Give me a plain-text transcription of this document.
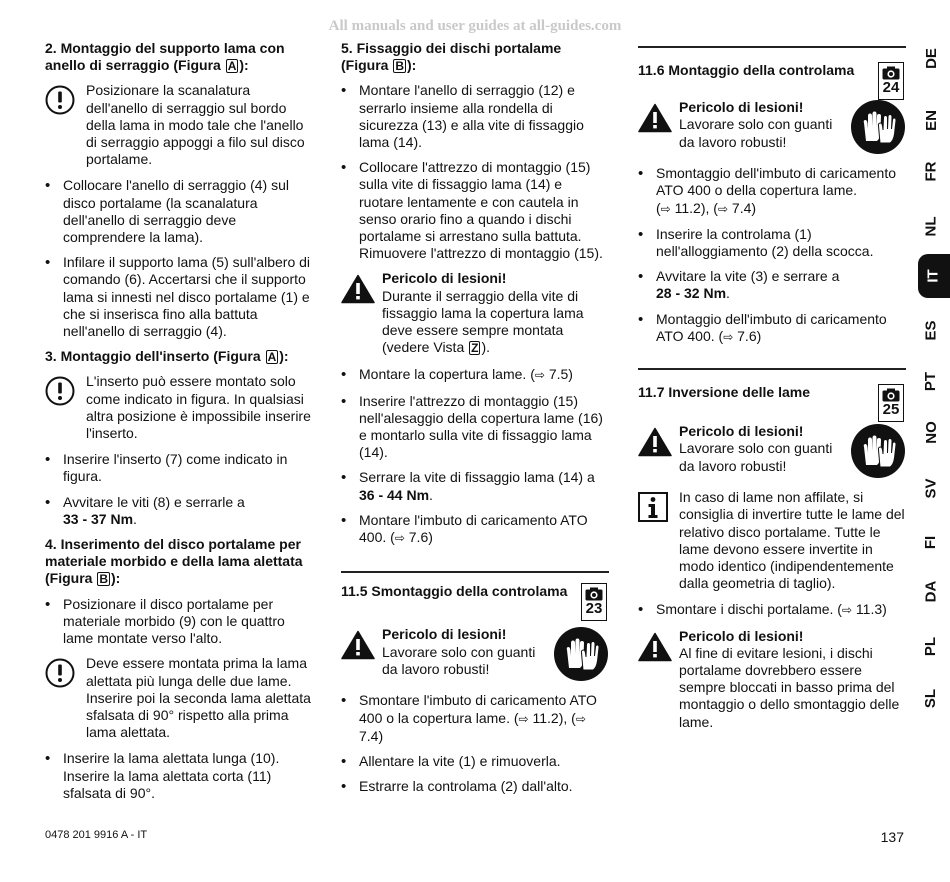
All manuals and user guides at all-guides.com

2. Montaggio del supporto lama con anello di serraggio (Figura A ):

Posizionare la scanalatura dell'anello di serraggio sul bordo della lama in modo tale che l'anello di serraggio appoggi a filo sul disco portalame.

• Collocare l'anello di serraggio (4) sul disco portalame (la scanalatura dell'anello di serraggio deve comprendere la lama).

• Infilare il supporto lama (5) sull'albero di comando (6). Accertarsi che il supporto lama si innesti nel disco portalame (1) e che si inserisca fino alla battuta nell'anello di serraggio (4).

3. Montaggio dell'inserto (Figura A ):

L'inserto può essere montato solo come indicato in figura. In qualsiasi altra posizione è impossibile inserire l'inserto.

• Inserire l'inserto (7) come indicato in figura.

• Avvitare le viti (8) e serrarle a
33 - 37 Nm.

4. Inserimento del disco portalame per materiale morbido e della lama alettata (Figura B ):

• Posizionare il disco portalame per materiale morbido (9) con le quattro lame montate verso l'alto.

Deve essere montata prima la lama alettata più lunga delle due lame. Inserire poi la seconda lama alettata sfalsata di 90° rispetto alla prima lama alettata.

• Inserire la lama alettata lunga (10). Inserire la lama alettata corta (11) sfalsata di 90°.

5. Fissaggio dei dischi portalame (Figura B ):

• Montare l'anello di serraggio (12) e serrarlo insieme alla rondella di sicurezza (13) e alla vite di fissaggio lama (14).

• Collocare l'attrezzo di montaggio (15) sulla vite di fissaggio lama (14) e ruotare lentamente e con cautela in senso orario fino a quando i dischi portalame si arrestano sulla battuta. Rimuovere l'attrezzo di montaggio (15).

Pericolo di lesioni!
Durante il serraggio della vite di fissaggio lama la copertura lama deve essere sempre montata (vedere Vista Z ).

• Montare la copertura lame. (⇨ 7.5)

• Inserire l'attrezzo di montaggio (15) nell'alesaggio della copertura lame (16) e montarlo sulla vite di fissaggio lama (14).

• Serrare la vite di fissaggio lama (14) a
36 - 44 Nm.

• Montare l'imbuto di caricamento ATO 400. (⇨ 7.6)

11.5 Smontaggio della controlama
23
Pericolo di lesioni!
Lavorare solo con guanti da lavoro robusti!

• Smontare l'imbuto di caricamento ATO 400 o la copertura lame. (⇨ 11.2), (⇨ 7.4)

• Allentare la vite (1) e rimuoverla.

• Estrarre la controlama (2) dall'alto.

11.6 Montaggio della controlama
24
Pericolo di lesioni!
Lavorare solo con guanti da lavoro robusti!

• Smontaggio dell'imbuto di caricamento ATO 400 o della copertura lame.
(⇨ 11.2), (⇨ 7.4)

• Inserire la controlama (1) nell'alloggiamento (2) della scocca.

• Avvitare la vite (3) e serrare a
28 - 32 Nm.

• Montaggio dell'imbuto di caricamento ATO 400. (⇨ 7.6)

11.7 Inversione delle lame
25
Pericolo di lesioni!
Lavorare solo con guanti da lavoro robusti!
In caso di lame non affilate, si consiglia di invertire tutte le lame del relativo disco portalame. Tutte le lame devono essere invertite in modo identico (indipendentemente dalla geometria di taglio).

• Smontare i dischi portalame. (⇨ 11.3)

Pericolo di lesioni!
Al fine di evitare lesioni, i dischi portalame dovrebbero essere sempre bloccati in basso prima del montaggio o dello smontaggio delle lame.
DE
EN
FR
NL
IT
ES
PT
NO
SV
FI
DA
PL
SL
0478 201 9916 A - IT	137
